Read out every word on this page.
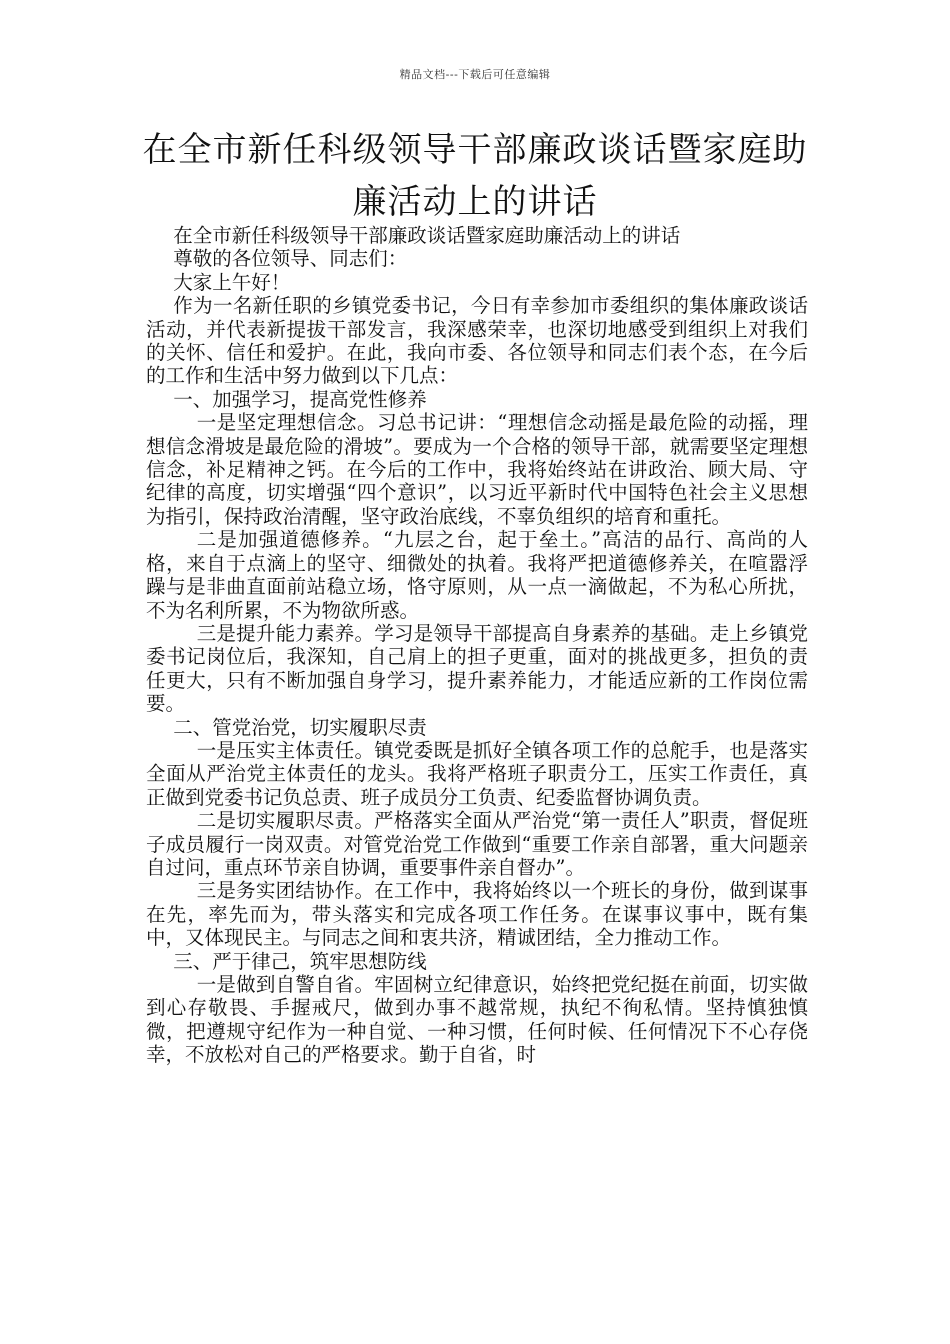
精品文档---下载后可任意编辑
在全市新任科级领导干部廉政谈话暨家庭助廉活动上的讲话

在全市新任科级领导干部廉政谈话暨家庭助廉活动上的讲话

尊敬的各位领导、同志们：

大家上午好！

作为一名新任职的乡镇党委书记，今日有幸参加市委组织的集体廉政谈话活动，并代表新提拔干部发言，我深感荣幸，也深切地感受到组织上对我们的关怀、信任和爱护。在此，我向市委、各位领导和同志们表个态，在今后的工作和生活中努力做到以下几点：

一、加强学习，提高党性修养

一是坚定理想信念。习总书记讲：“理想信念动摇是最危险的动摇，理想信念滑坡是最危险的滑坡”。要成为一个合格的领导干部，就需要坚定理想信念，补足精神之钙。在今后的工作中，我将始终站在讲政治、顾大局、守纪律的高度，切实增强“四个意识”，以习近平新时代中国特色社会主义思想为指引，保持政治清醒，坚守政治底线，不辜负组织的培育和重托。

二是加强道德修养。“九层之台，起于垒土。”高洁的品行、高尚的人格，来自于点滴上的坚守、细微处的执着。我将严把道德修养关，在喧嚣浮躁与是非曲直面前站稳立场，恪守原则，从一点一滴做起，不为私心所扰，不为名利所累，不为物欲所惑。

三是提升能力素养。学习是领导干部提高自身素养的基础。走上乡镇党委书记岗位后，我深知，自己肩上的担子更重，面对的挑战更多，担负的责任更大，只有不断加强自身学习，提升素养能力，才能适应新的工作岗位需要。

二、管党治党，切实履职尽责

一是压实主体责任。镇党委既是抓好全镇各项工作的总舵手，也是落实全面从严治党主体责任的龙头。我将严格班子职责分工，压实工作责任，真正做到党委书记负总责、班子成员分工负责、纪委监督协调负责。

二是切实履职尽责。严格落实全面从严治党“第一责任人”职责，督促班子成员履行一岗双责。对管党治党工作做到“重要工作亲自部署，重大问题亲自过问，重点环节亲自协调，重要事件亲自督办”。

三是务实团结协作。在工作中，我将始终以一个班长的身份，做到谋事在先，率先而为，带头落实和完成各项工作任务。在谋事议事中，既有集中，又体现民主。与同志之间和衷共济，精诚团结，全力推动工作。

三、严于律己，筑牢思想防线

一是做到自警自省。牢固树立纪律意识，始终把党纪挺在前面，切实做到心存敬畏、手握戒尺，做到办事不越常规，执纪不徇私情。坚持慎独慎微，把遵规守纪作为一种自觉、一种习惯，任何时候、任何情况下不心存侥幸，不放松对自己的严格要求。勤于自省，时
